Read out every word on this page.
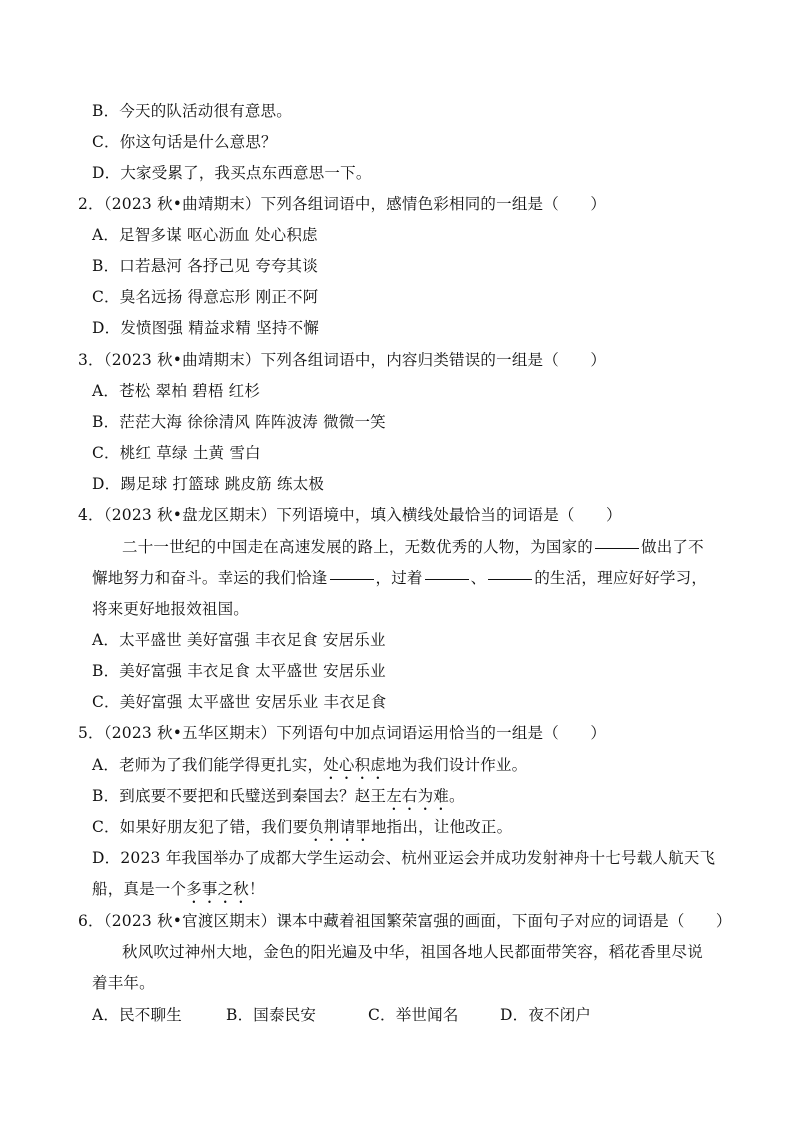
B．今天的队活动很有意思。
C．你这句话是什么意思？
D．大家受累了，我买点东西意思一下。
2．（2023 秋•曲靖期末）下列各组词语中，感情色彩相同的一组是（　　）
A．足智多谋 呕心沥血 处心积虑
B．口若悬河 各抒己见 夸夸其谈
C．臭名远扬 得意忘形 刚正不阿
D．发愤图强 精益求精 坚持不懈
3．（2023 秋•曲靖期末）下列各组词语中，内容归类错误的一组是（　　）
A．苍松 翠柏 碧梧 红杉
B．茫茫大海 徐徐清风 阵阵波涛 微微一笑
C．桃红 草绿 土黄 雪白
D．踢足球 打篮球 跳皮筋 练太极
4．（2023 秋•盘龙区期末）下列语境中，填入横线处最恰当的词语是（　　）
二十一世纪的中国走在高速发展的路上，无数优秀的人物，为国家的	做出了不
懈地努力和奋斗。幸运的我们恰逢	，过着	、	的生活，理应好好学习，
将来更好地报效祖国。
A．太平盛世 美好富强 丰衣足食 安居乐业
B．美好富强 丰衣足食 太平盛世 安居乐业
C．美好富强 太平盛世 安居乐业 丰衣足食
5．（2023 秋•五华区期末）下列语句中加点词语运用恰当的一组是（　　）
A．老师为了我们能学得更扎实，处心积虑地为我们设计作业。
B．到底要不要把和氏璧送到秦国去？赵王左右为难。
C．如果好朋友犯了错，我们要负荆请罪地指出，让他改正。
D．2023 年我国举办了成都大学生运动会、杭州亚运会并成功发射神舟十七号载人航天飞
船，真是一个多事之秋！
6．（2023 秋•官渡区期末）课本中藏着祖国繁荣富强的画面，下面句子对应的词语是（　　）
秋风吹过神州大地，金色的阳光遍及中华，祖国各地人民都面带笑容，稻花香里尽说
着丰年。
A．民不聊生	B．国泰民安	C．举世闻名	D．夜不闭户
